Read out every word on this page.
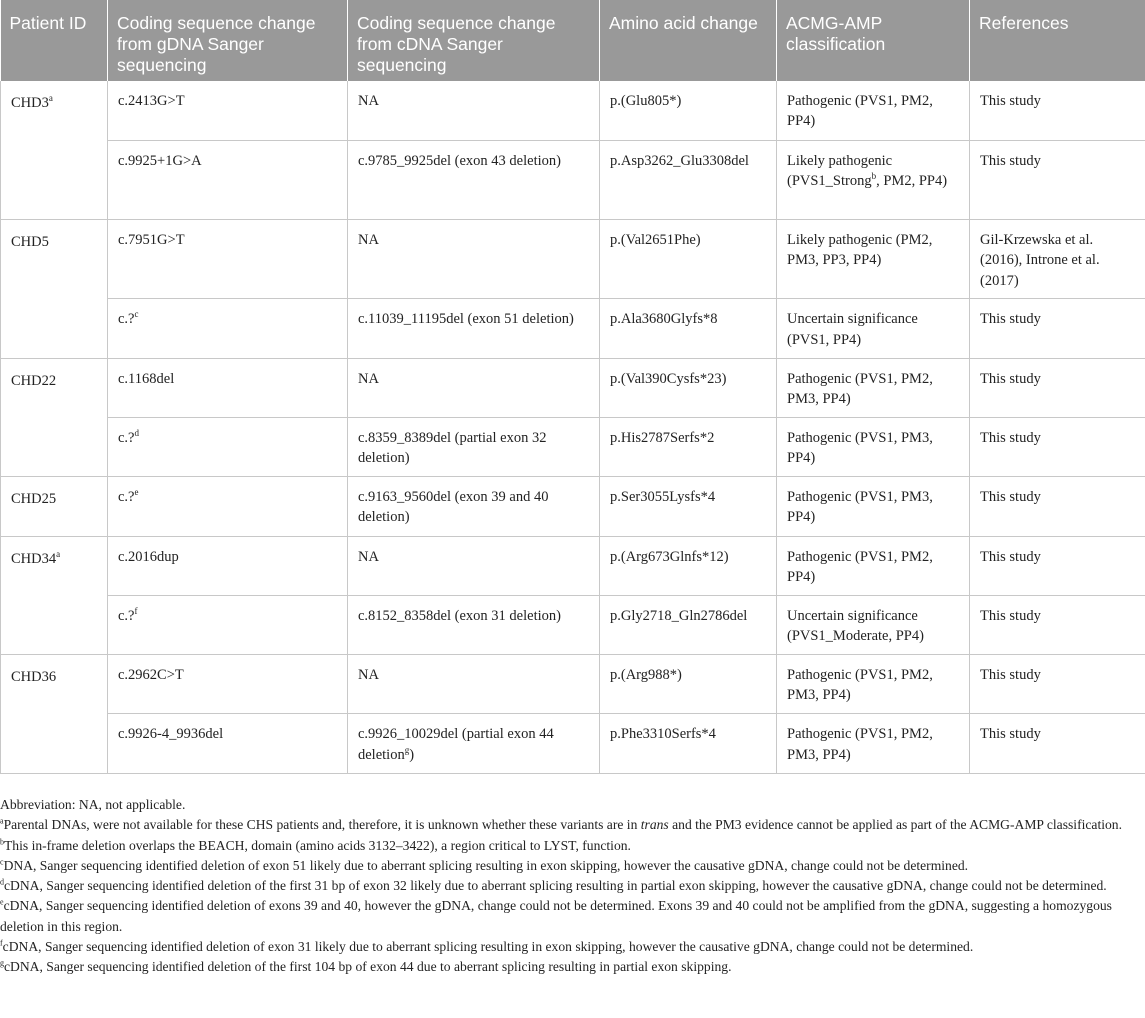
Patient ID	Coding sequence change from gDNA Sanger sequencing	Coding sequence change from cDNA Sanger sequencing	Amino acid change	ACMG-AMP classification	References
CHD3$^a$	c.2413G>T	NA	p.(Glu805*)	Pathogenic (PVS1, PM2, PP4)	This study
	c.9925+1G>A	c.9785_9925del (exon 43 deletion)	p.Asp3262_Glu3308del	Likely pathogenic (PVS1_Strong$^b$, PM2, PP4)	This study
CHD5	c.7951G>T	NA	p.(Val2651Phe)	Likely pathogenic (PM2, PM3, PP3, PP4)	Gil-Krzewska et al. (2016), Introne et al. (2017)
	c.?$^c$	c.11039_11195del (exon 51 deletion)	p.Ala3680Glyfs*8	Uncertain significance (PVS1, PP4)	This study
CHD22	c.1168del	NA	p.(Val390Cysfs*23)	Pathogenic (PVS1, PM2, PM3, PP4)	This study
	c.?$^d$	c.8359_8389del (partial exon 32 deletion)	p.His2787Serfs*2	Pathogenic (PVS1, PM3, PP4)	This study
CHD25	c.?$^e$	c.9163_9560del (exon 39 and 40 deletion)	p.Ser3055Lysfs*4	Pathogenic (PVS1, PM3, PP4)	This study
CHD34$^a$	c.2016dup	NA	p.(Arg673Glnfs*12)	Pathogenic (PVS1, PM2, PP4)	This study
	c.?$^f$	c.8152_8358del (exon 31 deletion)	p.Gly2718_Gln2786del	Uncertain significance (PVS1_Moderate, PP4)	This study
CHD36	c.2962C>T	NA	p.(Arg988*)	Pathogenic (PVS1, PM2, PM3, PP4)	This study
	c.9926-4_9936del	c.9926_10029del (partial exon 44 deletion$^g$)	p.Phe3310Serfs*4	Pathogenic (PVS1, PM2, PM3, PP4)	This study

Abbreviation: NA, not applicable.

$^a$Parental DNAs, were not available for these CHS patients and, therefore, it is unknown whether these variants are in trans and the PM3 evidence cannot be applied as part of the ACMG-AMP classification.

$^b$This in-frame deletion overlaps the BEACH, domain (amino acids 3132–3422), a region critical to LYST, function.

$^c$DNA, Sanger sequencing identified deletion of exon 51 likely due to aberrant splicing resulting in exon skipping, however the causative gDNA, change could not be determined.

$^d$cDNA, Sanger sequencing identified deletion of the first 31 bp of exon 32 likely due to aberrant splicing resulting in partial exon skipping, however the causative gDNA, change could not be determined.

$^e$cDNA, Sanger sequencing identified deletion of exons 39 and 40, however the gDNA, change could not be determined. Exons 39 and 40 could not be amplified from the gDNA, suggesting a homozygous deletion in this region.

$^f$cDNA, Sanger sequencing identified deletion of exon 31 likely due to aberrant splicing resulting in exon skipping, however the causative gDNA, change could not be determined.

$^g$cDNA, Sanger sequencing identified deletion of the first 104 bp of exon 44 due to aberrant splicing resulting in partial exon skipping.
